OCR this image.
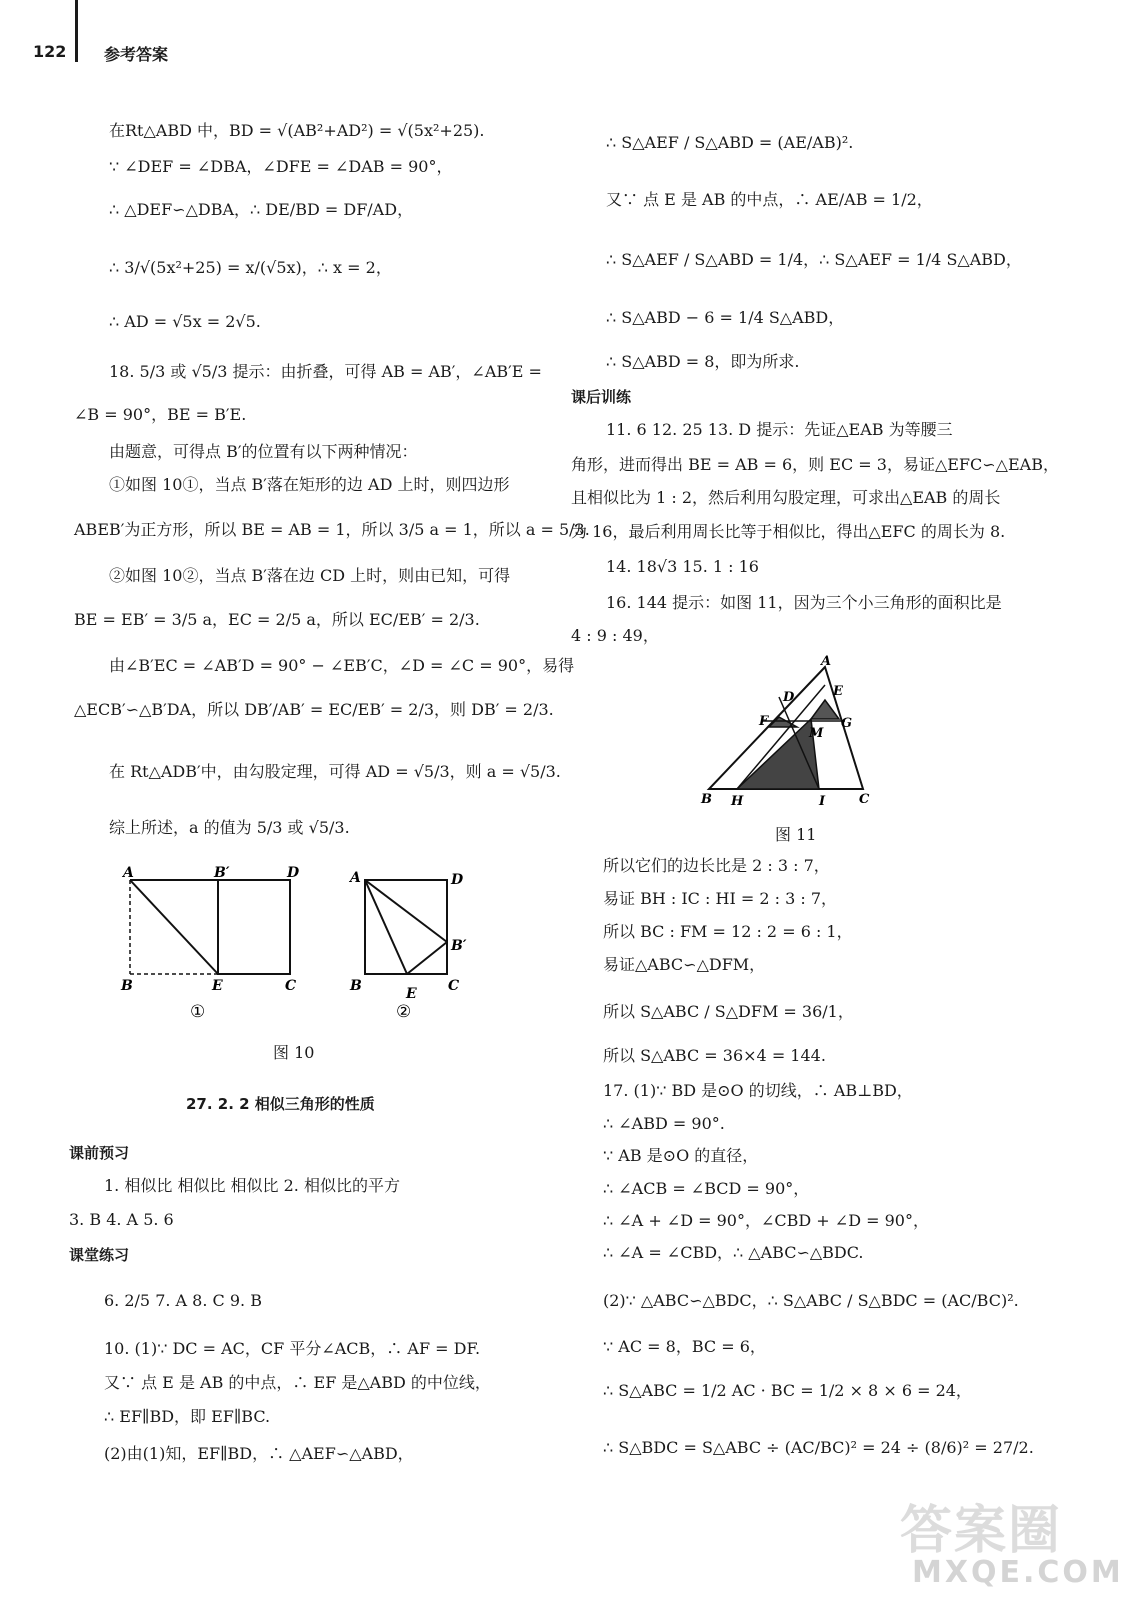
122 参考答案
在Rt△ABD 中，BD = √(AB²+AD²) = √(5x²+25).
∵ ∠DEF = ∠DBA，∠DFE = ∠DAB = 90°，
∴ △DEF∽△DBA，∴ DE/BD = DF/AD，
∴ 3/√(5x²+25) = x/(√5x)，∴ x = 2，
∴ AD = √5x = 2√5.
18. 5/3 或 √5/3 提示：由折叠，可得 AB = AB′，∠AB′E =
∠B = 90°，BE = B′E.
由题意，可得点 B′的位置有以下两种情况：
①如图 10①，当点 B′落在矩形的边 AD 上时，则四边形
ABEB′为正方形，所以 BE = AB = 1，所以 3/5 a = 1，所以 a = 5/3.
②如图 10②，当点 B′落在边 CD 上时，则由已知，可得
BE = EB′ = 3/5 a，EC = 2/5 a，所以 EC/EB′ = 2/3.
由∠B′EC = ∠AB′D = 90° − ∠EB′C，∠D = ∠C = 90°，易得
△ECB′∽△B′DA，所以 DB′/AB′ = EC/EB′ = 2/3，则 DB′ = 2/3.
在 Rt△ADB′中，由勾股定理，可得 AD = √5/3，则 a = √5/3.
综上所述，a 的值为 5/3 或 √5/3.
A	B′	D
B	E	C
①
A	D
B′
B	E C
②
图 10
27. 2. 2 相似三角形的性质
课前预习
1. 相似比 相似比 相似比 2. 相似比的平方
3. B 4. A 5. 6
课堂练习
6. 2/5 7. A 8. C 9. B
10. (1)∵ DC = AC，CF 平分∠ACB，∴ AF = DF.
又∵ 点 E 是 AB 的中点，∴ EF 是△ABD 的中位线，
∴ EF∥BD，即 EF∥BC.
(2)由(1)知，EF∥BD，∴ △AEF∽△ABD，
∴ S△AEF / S△ABD = (AE/AB)².
又∵ 点 E 是 AB 的中点，∴ AE/AB = 1/2，
∴ S△AEF / S△ABD = 1/4，∴ S△AEF = 1/4 S△ABD，
∴ S△ABD − 6 = 1/4 S△ABD，
∴ S△ABD = 8，即为所求.
课后训练
11. 6 12. 25 13. D 提示：先证△EAB 为等腰三
角形，进而得出 BE = AB = 6，则 EC = 3，易证△EFC∽△EAB，
且相似比为 1 : 2，然后利用勾股定理，可求出△EAB 的周长
为 16，最后利用周长比等于相似比，得出△EFC 的周长为 8.
14. 18√3 15. 1 : 16
16. 144 提示：如图 11，因为三个小三角形的面积比是
4 : 9 : 49，
A
D	E
F	G
M
B H	I	C
图 11
所以它们的边长比是 2 : 3 : 7，
易证 BH : IC : HI = 2 : 3 : 7，
所以 BC : FM = 12 : 2 = 6 : 1，
易证△ABC∽△DFM，
所以 S△ABC / S△DFM = 36/1，
所以 S△ABC = 36×4 = 144.
17. (1)∵ BD 是⊙O 的切线，∴ AB⊥BD，
∴ ∠ABD = 90°.
∵ AB 是⊙O 的直径，
∴ ∠ACB = ∠BCD = 90°，
∴ ∠A + ∠D = 90°，∠CBD + ∠D = 90°，
∴ ∠A = ∠CBD，∴ △ABC∽△BDC.
(2)∵ △ABC∽△BDC，∴ S△ABC / S△BDC = (AC/BC)².
∵ AC = 8，BC = 6，
∴ S△ABC = 1/2 AC · BC = 1/2 × 8 × 6 = 24，
∴ S△BDC = S△ABC ÷ (AC/BC)² = 24 ÷ (8/6)² = 27/2.
答案圈
MXQE.COM
